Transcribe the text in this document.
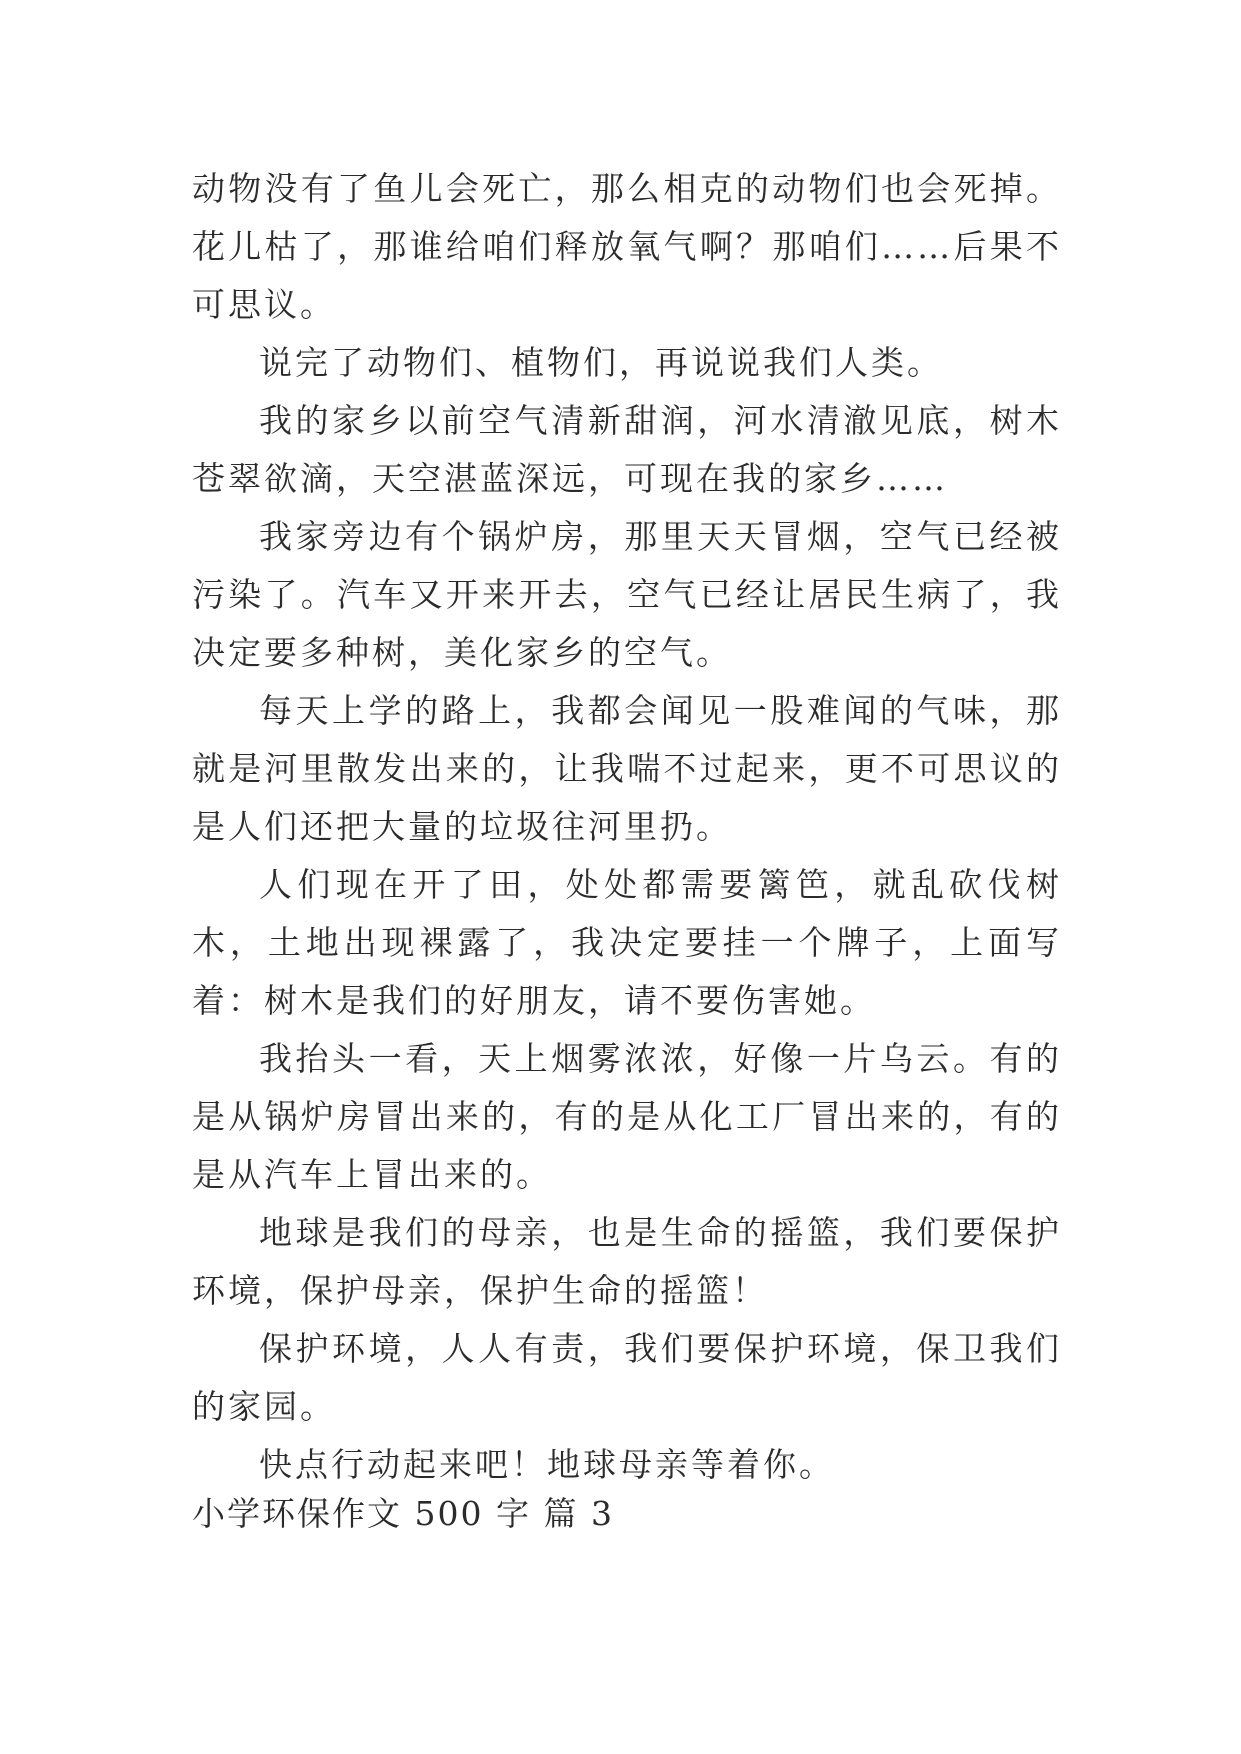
动物没有了鱼儿会死亡，那么相克的动物们也会死掉。花儿枯了，那谁给咱们释放氧气啊？那咱们……后果不可思议。

说完了动物们、植物们，再说说我们人类。

我的家乡以前空气清新甜润，河水清澈见底，树木苍翠欲滴，天空湛蓝深远，可现在我的家乡……

我家旁边有个锅炉房，那里天天冒烟，空气已经被污染了。汽车又开来开去，空气已经让居民生病了，我决定要多种树，美化家乡的空气。

每天上学的路上，我都会闻见一股难闻的气味，那就是河里散发出来的，让我喘不过起来，更不可思议的是人们还把大量的垃圾往河里扔。

人们现在开了田，处处都需要篱笆，就乱砍伐树木，土地出现裸露了，我决定要挂一个牌子，上面写着：树木是我们的好朋友，请不要伤害她。

我抬头一看，天上烟雾浓浓，好像一片乌云。有的是从锅炉房冒出来的，有的是从化工厂冒出来的，有的是从汽车上冒出来的。

地球是我们的母亲，也是生命的摇篮，我们要保护环境，保护母亲，保护生命的摇篮！

保护环境，人人有责，我们要保护环境，保卫我们的家园。

快点行动起来吧！地球母亲等着你。

小学环保作文 500 字 篇 3
